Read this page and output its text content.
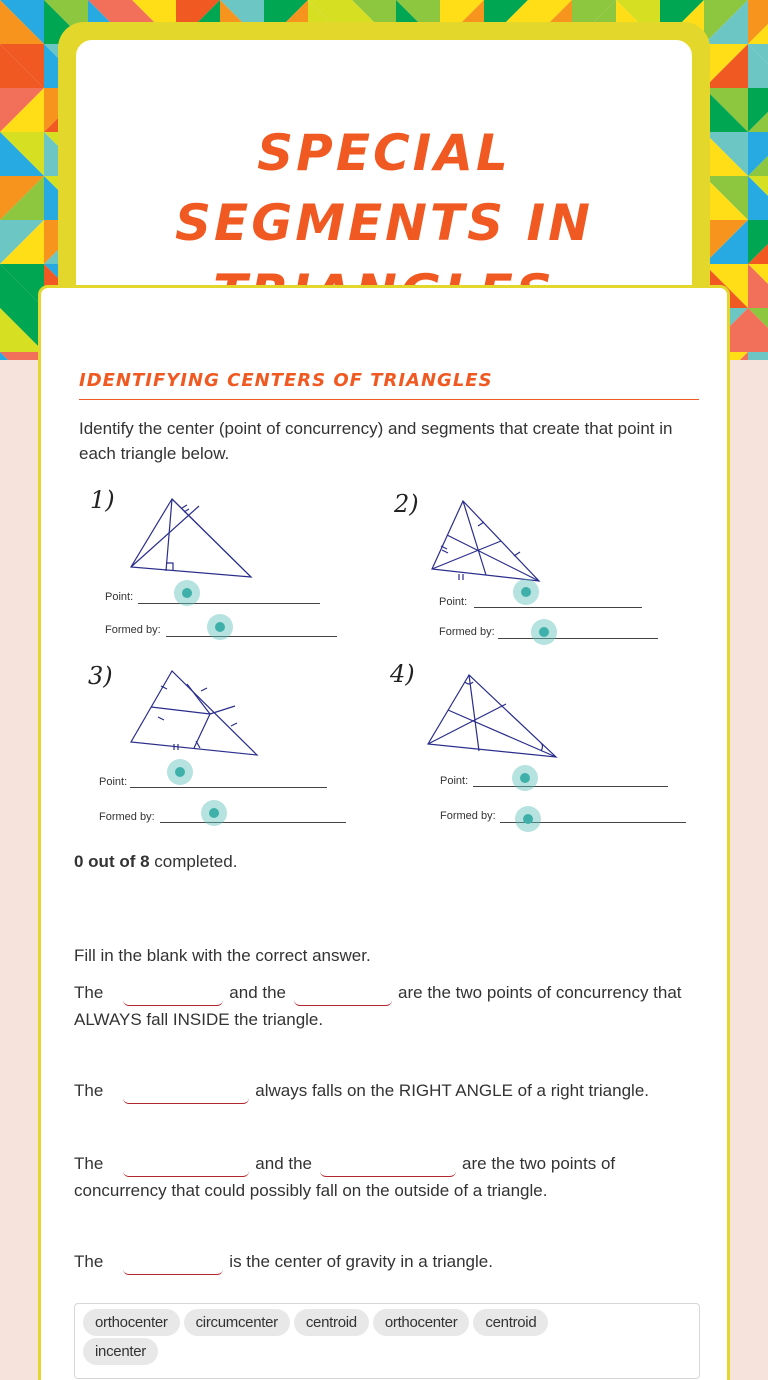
SPECIAL SEGMENTS IN
IDENTIFYING CENTERS OF TRIANGLES
Identify the center (point of concurrency) and segments that create that point in each triangle below.
1)	2)
3)	4)
Point:
Formed by:
Point:
Formed by:
Point:
Formed by:
Point:
Formed by:
0 out of 8 completed.
Fill in the blank with the correct answer.
The	and the	are the two points of concurrency that ALWAYS fall INSIDE the triangle.
The	always falls on the RIGHT ANGLE of a right triangle.
The	and the	are the two points of concurrency that could possibly fall on the outside of a triangle.
The	is the center of gravity in a triangle.
orthocenter circumcenter centroid orthocenter centroid
incenter
